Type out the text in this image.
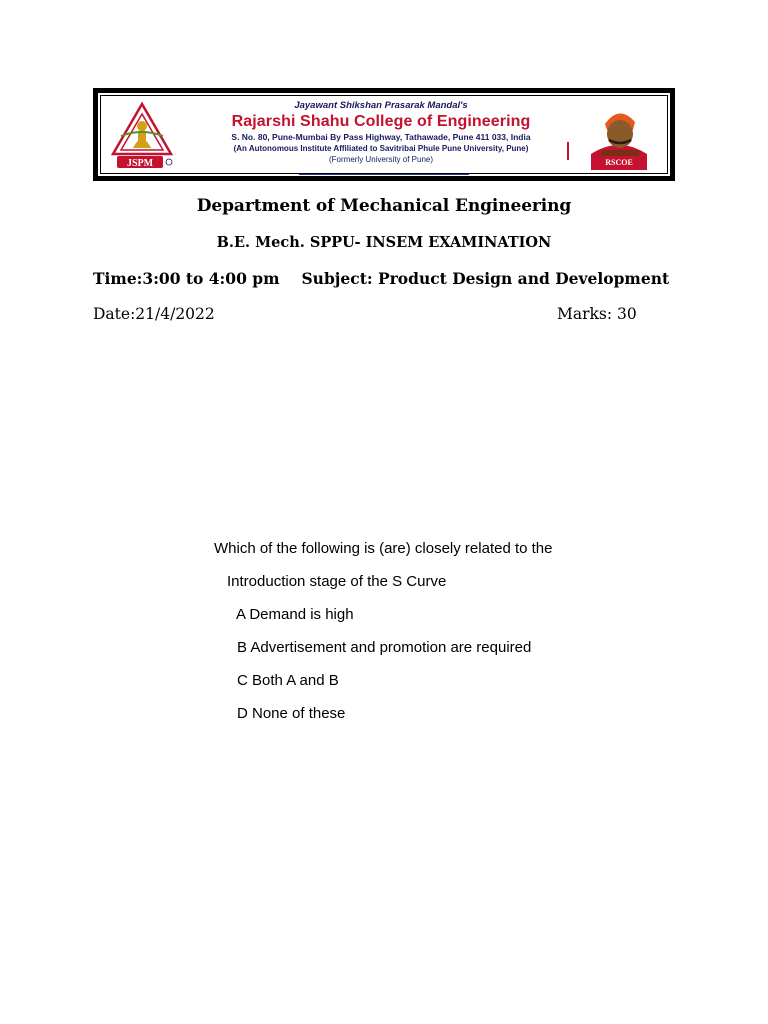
JSPM
Jayawant Shikshan Prasarak Mandal's
Rajarshi Shahu College of Engineering
S. No. 80, Pune-Mumbai By Pass Highway, Tathawade, Pune 411 033, India
(An Autonomous Institute Affiliated to Savitribai Phule Pune University, Pune)
(Formerly University of Pune)	RSCOE
Department of Mechanical Engineering
B.E. Mech. SPPU- INSEM EXAMINATION
Time:3:00 to 4:00 pm Subject: Product Design and Development
Date:21/4/2022	Marks: 30
Which of the following is (are) closely related to the
Introduction stage of the S Curve
A Demand is high
B Advertisement and promotion are required
C Both A and B
D None of these
